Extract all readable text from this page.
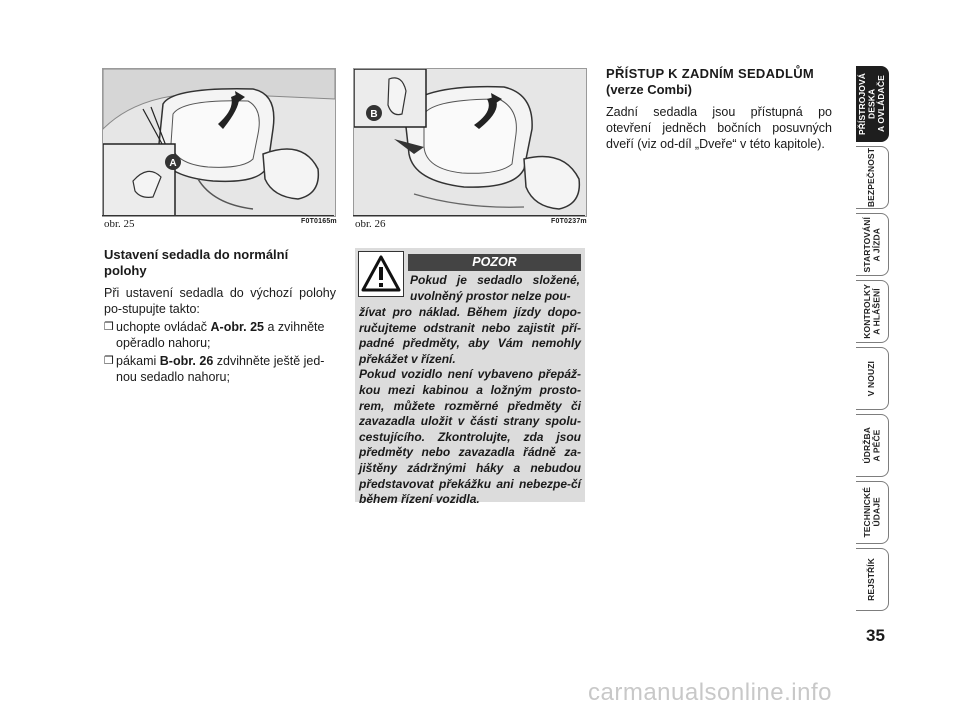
A
obr. 25	F0T0165m
B
obr. 26	F0T0237m
Ustavení sedadla do normální polohy
Při ustavení sedadla do výchozí polohy po-stupujte takto:
❒ uchopte ovládač A-obr. 25 a zvihněte opěradlo nahoru;
❒ pákami B-obr. 26 zdvihněte ještě jed-nou sedadlo nahoru;
POZOR
Pokud je sedadlo složené, uvolněný prostor nelze pou-
žívat pro náklad. Během jízdy dopo-ručujteme odstranit nebo zajistit pří-padné předměty, aby Vám nemohly překážet v řízení.
Pokud vozidlo není vybaveno přepáž-kou mezi kabinou a ložným prosto-rem, můžete rozměrné předměty či zavazadla uložit v části strany spolu-cestujícího. Zkontrolujte, zda jsou předměty nebo zavazadla řádně za-jištěny zádržnými háky a nebudou představovat překážku ani nebezpe-čí během řízení vozidla.
PŘÍSTUP K ZADNÍM SEDADLŮM
(verze Combi)
Zadní sedadla jsou přístupná po otevření jedněch bočních posuvných dveří (viz od-díl „Dveře“ v této kapitole).
PŘÍSTROJOVÁ
DESKA
A OVLÁDAČE
BEZPEČNOST
STARTOVÁNÍ
A JÍZDA
KONTROLKY
A HLÁŠENÍ
V NOUZI
ÚDRŽBA
A PÉČE
TECHNICKÉ
ÚDAJE
REJSTŘÍK
35
carmanualsonline.info
